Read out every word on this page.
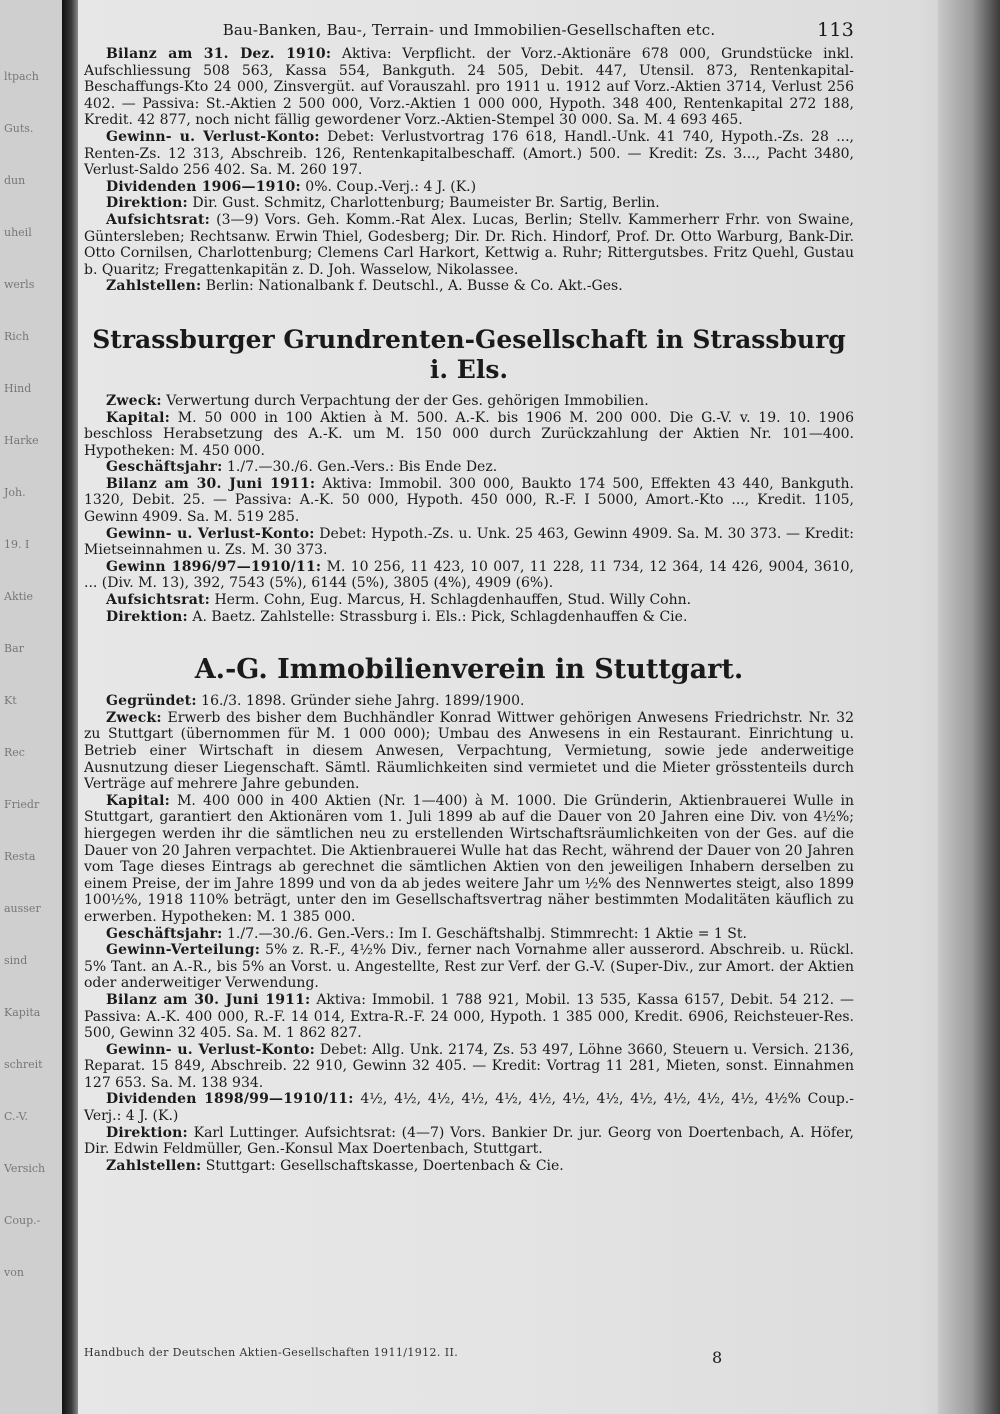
ltpach
Guts.
dun
uheil
werls
Rich
Hind
Harke
Joh.
19. I
Aktie
Bar
Kt
Rec
Friedr
Resta
ausser
sind
Kapita
schreit
C.-V.
Versich
Coup.-
von
Bau-Banken, Bau-, Terrain- und Immobilien-Gesellschaften etc.	113

Bilanz am 31. Dez. 1910: Aktiva: Verpflicht. der Vorz.-Aktionäre 678 000, Grundstücke inkl. Aufschliessung 508 563, Kassa 554, Bankguth. 24 505, Debit. 447, Utensil. 873, Rentenkapital-Beschaffungs-Kto 24 000, Zinsvergüt. auf Vorauszahl. pro 1911 u. 1912 auf Vorz.-Aktien 3714, Verlust 256 402. — Passiva: St.-Aktien 2 500 000, Vorz.-Aktien 1 000 000, Hypoth. 348 400, Rentenkapital 272 188, Kredit. 42 877, noch nicht fällig gewordener Vorz.-Aktien-Stempel 30 000. Sa. M. 4 693 465.

Gewinn- u. Verlust-Konto: Debet: Verlustvortrag 176 618, Handl.-Unk. 41 740, Hypoth.-Zs. 28 ..., Renten-Zs. 12 313, Abschreib. 126, Rentenkapitalbeschaff. (Amort.) 500. — Kredit: Zs. 3..., Pacht 3480, Verlust-Saldo 256 402. Sa. M. 260 197.

Dividenden 1906—1910: 0%. Coup.-Verj.: 4 J. (K.)

Direktion: Dir. Gust. Schmitz, Charlottenburg; Baumeister Br. Sartig, Berlin.

Aufsichtsrat: (3—9) Vors. Geh. Komm.-Rat Alex. Lucas, Berlin; Stellv. Kammerherr Frhr. von Swaine, Güntersleben; Rechtsanw. Erwin Thiel, Godesberg; Dir. Dr. Rich. Hindorf, Prof. Dr. Otto Warburg, Bank-Dir. Otto Cornilsen, Charlottenburg; Clemens Carl Harkort, Kettwig a. Ruhr; Rittergutsbes. Fritz Quehl, Gustau b. Quaritz; Fregattenkapitän z. D. Joh. Wasselow, Nikolassee.

Zahlstellen: Berlin: Nationalbank f. Deutschl., A. Busse & Co. Akt.-Ges.

Strassburger Grundrenten-Gesellschaft in Strassburg i. Els.

Zweck: Verwertung durch Verpachtung der der Ges. gehörigen Immobilien.

Kapital: M. 50 000 in 100 Aktien à M. 500. A.-K. bis 1906 M. 200 000. Die G.-V. v. 19. 10. 1906 beschloss Herabsetzung des A.-K. um M. 150 000 durch Zurückzahlung der Aktien Nr. 101—400. Hypotheken: M. 450 000.

Geschäftsjahr: 1./7.—30./6. Gen.-Vers.: Bis Ende Dez.

Bilanz am 30. Juni 1911: Aktiva: Immobil. 300 000, Baukto 174 500, Effekten 43 440, Bankguth. 1320, Debit. 25. — Passiva: A.-K. 50 000, Hypoth. 450 000, R.-F. I 5000, Amort.-Kto ..., Kredit. 1105, Gewinn 4909. Sa. M. 519 285.

Gewinn- u. Verlust-Konto: Debet: Hypoth.-Zs. u. Unk. 25 463, Gewinn 4909. Sa. M. 30 373. — Kredit: Mietseinnahmen u. Zs. M. 30 373.

Gewinn 1896/97—1910/11: M. 10 256, 11 423, 10 007, 11 228, 11 734, 12 364, 14 426, 9004, 3610, ... (Div. M. 13), 392, 7543 (5%), 6144 (5%), 3805 (4%), 4909 (6%).

Aufsichtsrat: Herm. Cohn, Eug. Marcus, H. Schlagdenhauffen, Stud. Willy Cohn.

Direktion: A. Baetz. Zahlstelle: Strassburg i. Els.: Pick, Schlagdenhauffen & Cie.

A.-G. Immobilienverein in Stuttgart.

Gegründet: 16./3. 1898. Gründer siehe Jahrg. 1899/1900.

Zweck: Erwerb des bisher dem Buchhändler Konrad Wittwer gehörigen Anwesens Friedrichstr. Nr. 32 zu Stuttgart (übernommen für M. 1 000 000); Umbau des Anwesens in ein Restaurant. Einrichtung u. Betrieb einer Wirtschaft in diesem Anwesen, Verpachtung, Vermietung, sowie jede anderweitige Ausnutzung dieser Liegenschaft. Sämtl. Räumlichkeiten sind vermietet und die Mieter grösstenteils durch Verträge auf mehrere Jahre gebunden.

Kapital: M. 400 000 in 400 Aktien (Nr. 1—400) à M. 1000. Die Gründerin, Aktienbrauerei Wulle in Stuttgart, garantiert den Aktionären vom 1. Juli 1899 ab auf die Dauer von 20 Jahren eine Div. von 4½%; hiergegen werden ihr die sämtlichen neu zu erstellenden Wirtschaftsräumlichkeiten von der Ges. auf die Dauer von 20 Jahren verpachtet. Die Aktienbrauerei Wulle hat das Recht, während der Dauer von 20 Jahren vom Tage dieses Eintrags ab gerechnet die sämtlichen Aktien von den jeweiligen Inhabern derselben zu einem Preise, der im Jahre 1899 und von da ab jedes weitere Jahr um ½% des Nennwertes steigt, also 1899 100½%, 1918 110% beträgt, unter den im Gesellschaftsvertrag näher bestimmten Modalitäten käuflich zu erwerben. Hypotheken: M. 1 385 000.

Geschäftsjahr: 1./7.—30./6. Gen.-Vers.: Im I. Geschäftshalbj. Stimmrecht: 1 Aktie = 1 St.

Gewinn-Verteilung: 5% z. R.-F., 4½% Div., ferner nach Vornahme aller ausserord. Abschreib. u. Rückl. 5% Tant. an A.-R., bis 5% an Vorst. u. Angestellte, Rest zur Verf. der G.-V. (Super-Div., zur Amort. der Aktien oder anderweitiger Verwendung.

Bilanz am 30. Juni 1911: Aktiva: Immobil. 1 788 921, Mobil. 13 535, Kassa 6157, Debit. 54 212. — Passiva: A.-K. 400 000, R.-F. 14 014, Extra-R.-F. 24 000, Hypoth. 1 385 000, Kredit. 6906, Reichsteuer-Res. 500, Gewinn 32 405. Sa. M. 1 862 827.

Gewinn- u. Verlust-Konto: Debet: Allg. Unk. 2174, Zs. 53 497, Löhne 3660, Steuern u. Versich. 2136, Reparat. 15 849, Abschreib. 22 910, Gewinn 32 405. — Kredit: Vortrag 11 281, Mieten, sonst. Einnahmen 127 653. Sa. M. 138 934.

Dividenden 1898/99—1910/11: 4½, 4½, 4½, 4½, 4½, 4½, 4½, 4½, 4½, 4½, 4½, 4½, 4½% Coup.-Verj.: 4 J. (K.)

Direktion: Karl Luttinger. Aufsichtsrat: (4—7) Vors. Bankier Dr. jur. Georg von Doertenbach, A. Höfer, Dir. Edwin Feldmüller, Gen.-Konsul Max Doertenbach, Stuttgart.

Zahlstellen: Stuttgart: Gesellschaftskasse, Doertenbach & Cie.

Handbuch der Deutschen Aktien-Gesellschaften 1911/1912. II.	8
